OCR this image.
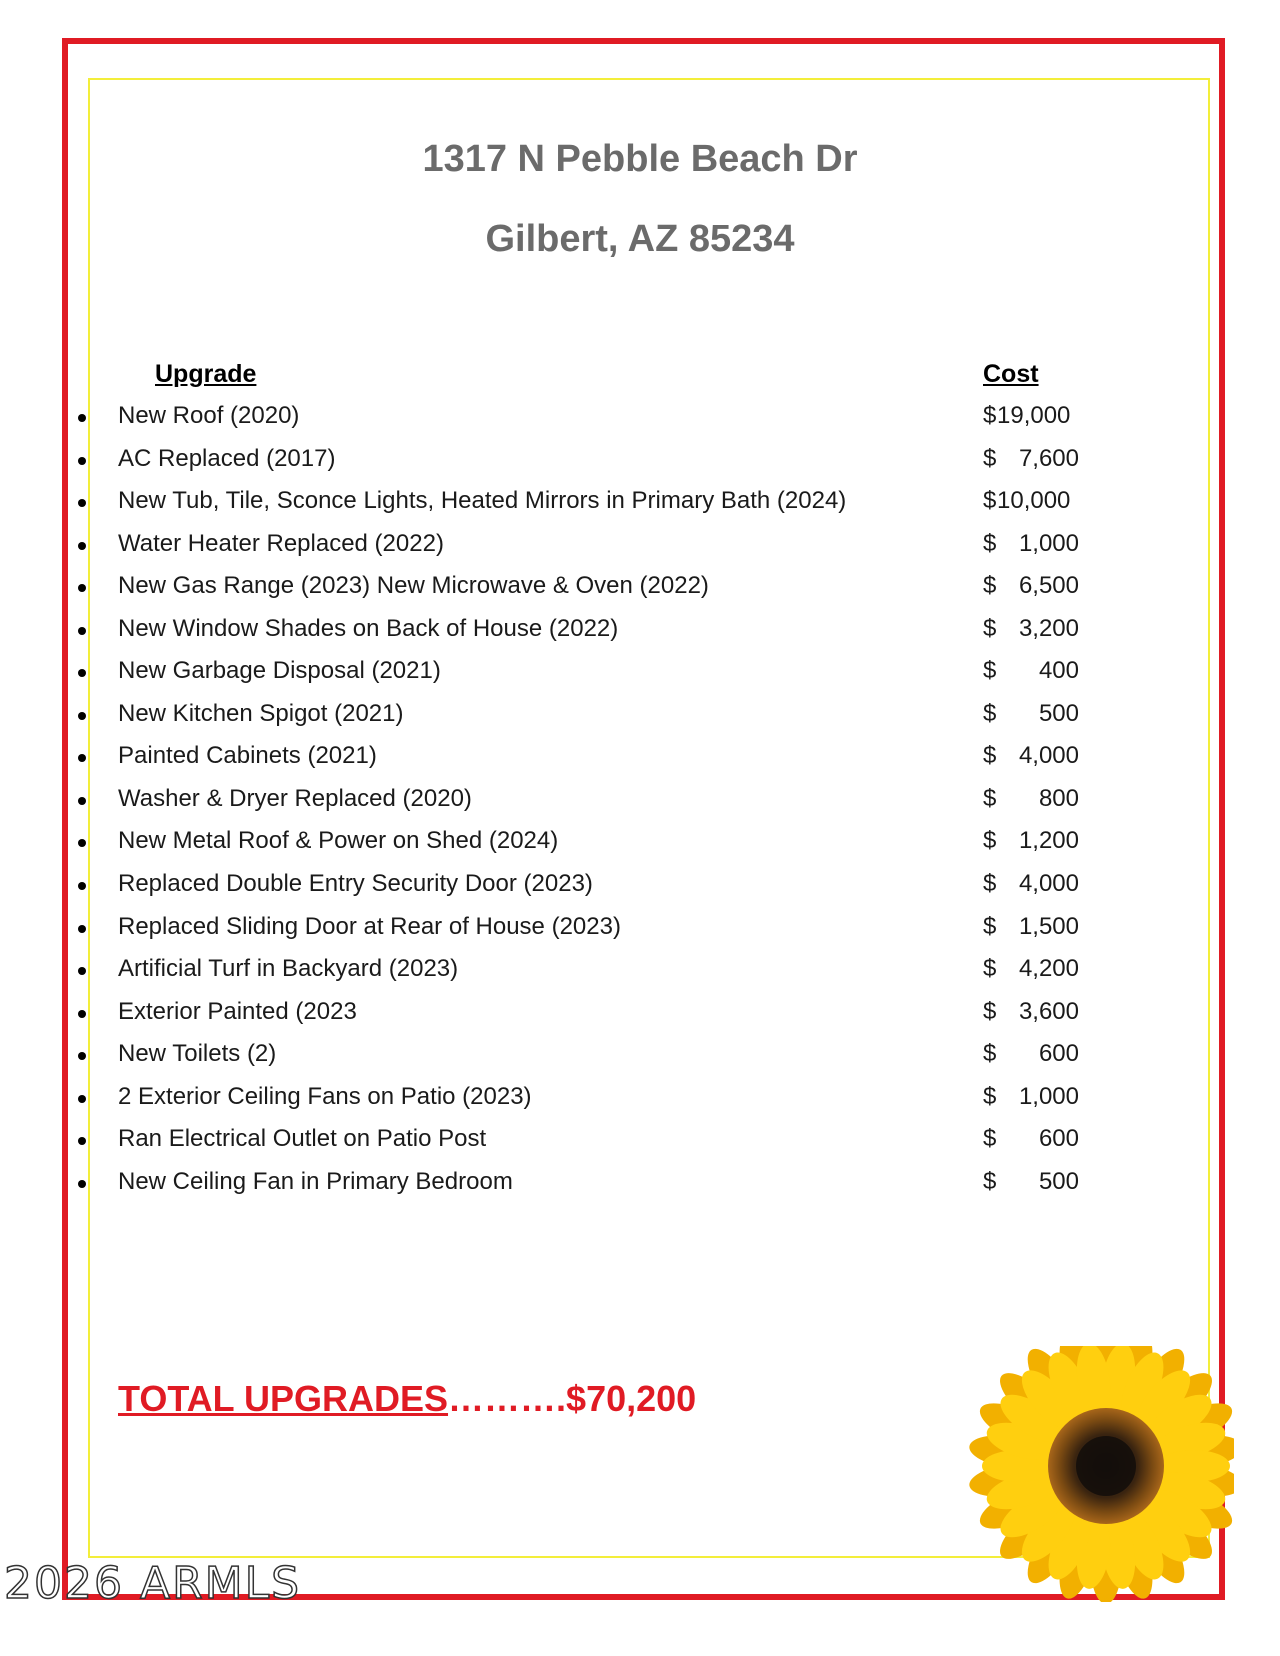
1317 N Pebble Beach Dr
Gilbert, AZ 85234
Upgrade	Cost
New Roof (2020)	$ 19,000
AC Replaced (2017)	$ 7,600
New Tub, Tile, Sconce Lights, Heated Mirrors in Primary Bath (2024)	$ 10,000
Water Heater Replaced (2022)	$ 1,000
New Gas Range (2023) New Microwave & Oven (2022)	$ 6,500
New Window Shades on Back of House (2022)	$ 3,200
New Garbage Disposal (2021)	$ 400
New Kitchen Spigot (2021)	$ 500
Painted Cabinets (2021)	$ 4,000
Washer & Dryer Replaced (2020)	$ 800
New Metal Roof & Power on Shed (2024)	$ 1,200
Replaced Double Entry Security Door (2023)	$ 4,000
Replaced Sliding Door at Rear of House (2023)	$ 1,500
Artificial Turf in Backyard (2023)	$ 4,200
Exterior Painted (2023	$ 3,600
New Toilets (2)	$ 600
2 Exterior Ceiling Fans on Patio (2023)	$ 1,000
Ran Electrical Outlet on Patio Post	$ 600
New Ceiling Fan in Primary Bedroom	$ 500
TOTAL UPGRADES……….$70,200
2026 ARMLS
